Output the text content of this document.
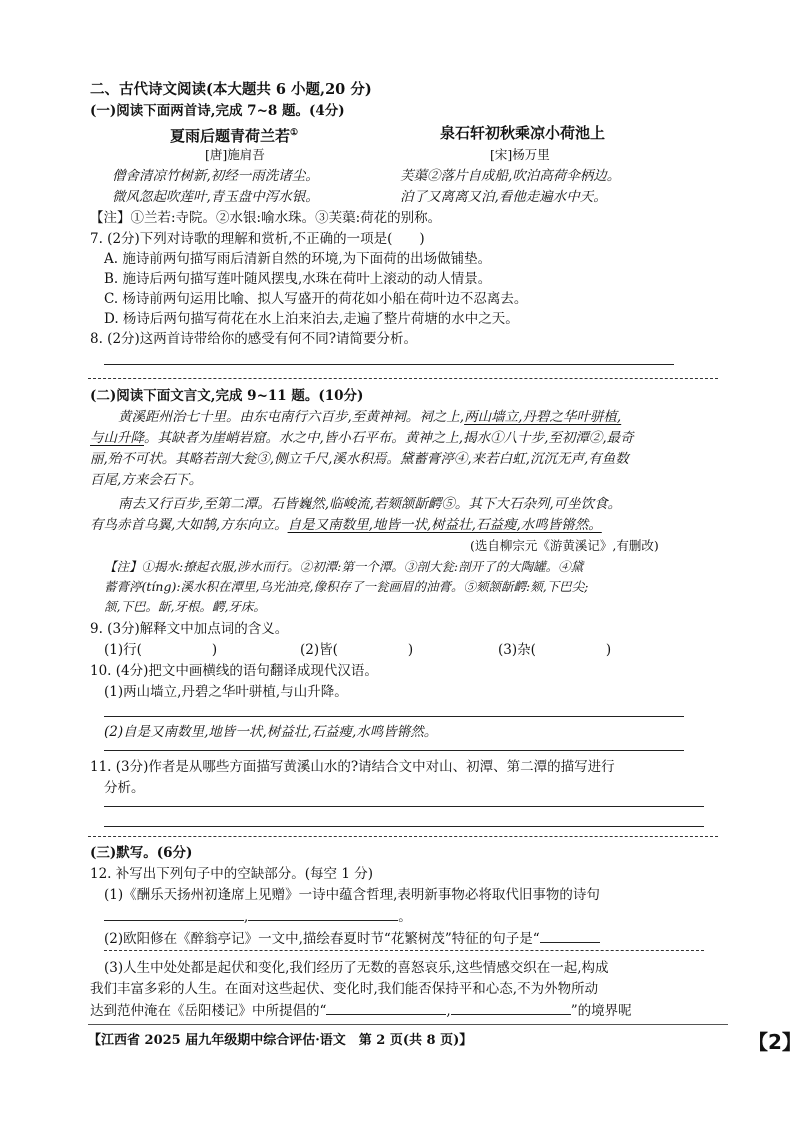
二、古代诗文阅读(本大题共 6 小题,20 分)
(一)阅读下面两首诗,完成 7~8 题。(4分)
夏雨后题青荷兰若①	泉石轩初秋乘凉小荷池上
[唐]施肩吾	[宋]杨万里
僧舍清凉竹树新,初经一雨洗诸尘。	芙蕖②落片自成船,吹泊高荷伞柄边。
微风忽起吹莲叶,青玉盘中泻水银。	泊了又离离又泊,看他走遍水中天。
【注】①兰若:寺院。②水银:喻水珠。③芙蕖:荷花的别称。
7. (2分)下列对诗歌的理解和赏析,不正确的一项是(　　)
A. 施诗前两句描写雨后清新自然的环境,为下面荷的出场做铺垫。
B. 施诗后两句描写莲叶随风摆曳,水珠在荷叶上滚动的动人情景。
C. 杨诗前两句运用比喻、拟人写盛开的荷花如小船在荷叶边不忍离去。
D. 杨诗后两句描写荷花在水上泊来泊去,走遍了整片荷塘的水中之天。
8. (2分)这两首诗带给你的感受有何不同?请简要分析。
(二)阅读下面文言文,完成 9~11 题。(10分)
黄溪距州治七十里。由东屯南行六百步,至黄神祠。祠之上,两山墙立,丹碧之华叶骈植,
与山升降。其缺者为崖峭岩窟。水之中,皆小石平布。黄神之上,揭水①八十步,至初潭②,最奇
丽,殆不可状。其略若剖大瓮③,侧立千尺,溪水积焉。黛蓄膏渟④,来若白虹,沉沉无声,有鱼数
百尾,方来会石下。
南去又行百步,至第二潭。石皆巍然,临峻流,若颏颔龂齶⑤。其下大石杂列,可坐饮食。
有鸟赤首乌翼,大如鹄,方东向立。自是又南数里,地皆一状,树益壮,石益瘦,水鸣皆锵然。
(选自柳宗元《游黄溪记》,有删改)
【注】①揭水:撩起衣服,涉水而行。②初潭:第一个潭。③剖大瓮:剖开了的大陶罐。④黛
蓄膏渟(tíng):溪水积在潭里,乌光油亮,像积存了一瓮画眉的油膏。⑤颏颔龂齶:颏,下巴尖;
颔,下巴。龂,牙根。齶,牙床。
9. (3分)解释文中加点词的含义。
(1)行(	)	(2)皆(	)	(3)杂(	)
10. (4分)把文中画横线的语句翻译成现代汉语。
(1)两山墙立,丹碧之华叶骈植,与山升降。
(2)自是又南数里,地皆一状,树益壮,石益瘦,水鸣皆锵然。
11. (3分)作者是从哪些方面描写黄溪山水的?请结合文中对山、初潭、第二潭的描写进行
分析。
(三)默写。(6分)
12. 补写出下列句子中的空缺部分。(每空 1 分)
(1)《酬乐天扬州初逢席上见赠》一诗中蕴含哲理,表明新事物必将取代旧事物的诗句
,	。
(2)欧阳修在《醉翁亭记》一文中,描绘春夏时节“花繁树茂”特征的句子是“
(3)人生中处处都是起伏和变化,我们经历了无数的喜怒哀乐,这些情感交织在一起,构成
我们丰富多彩的人生。在面对这些起伏、变化时,我们能否保持平和心态,不为外物所动
达到范仲淹在《岳阳楼记》中所提倡的“	,	”的境界呢
【江西省 2025 届九年级期中综合评估·语文　第 2 页(共 8 页)】	【2】
